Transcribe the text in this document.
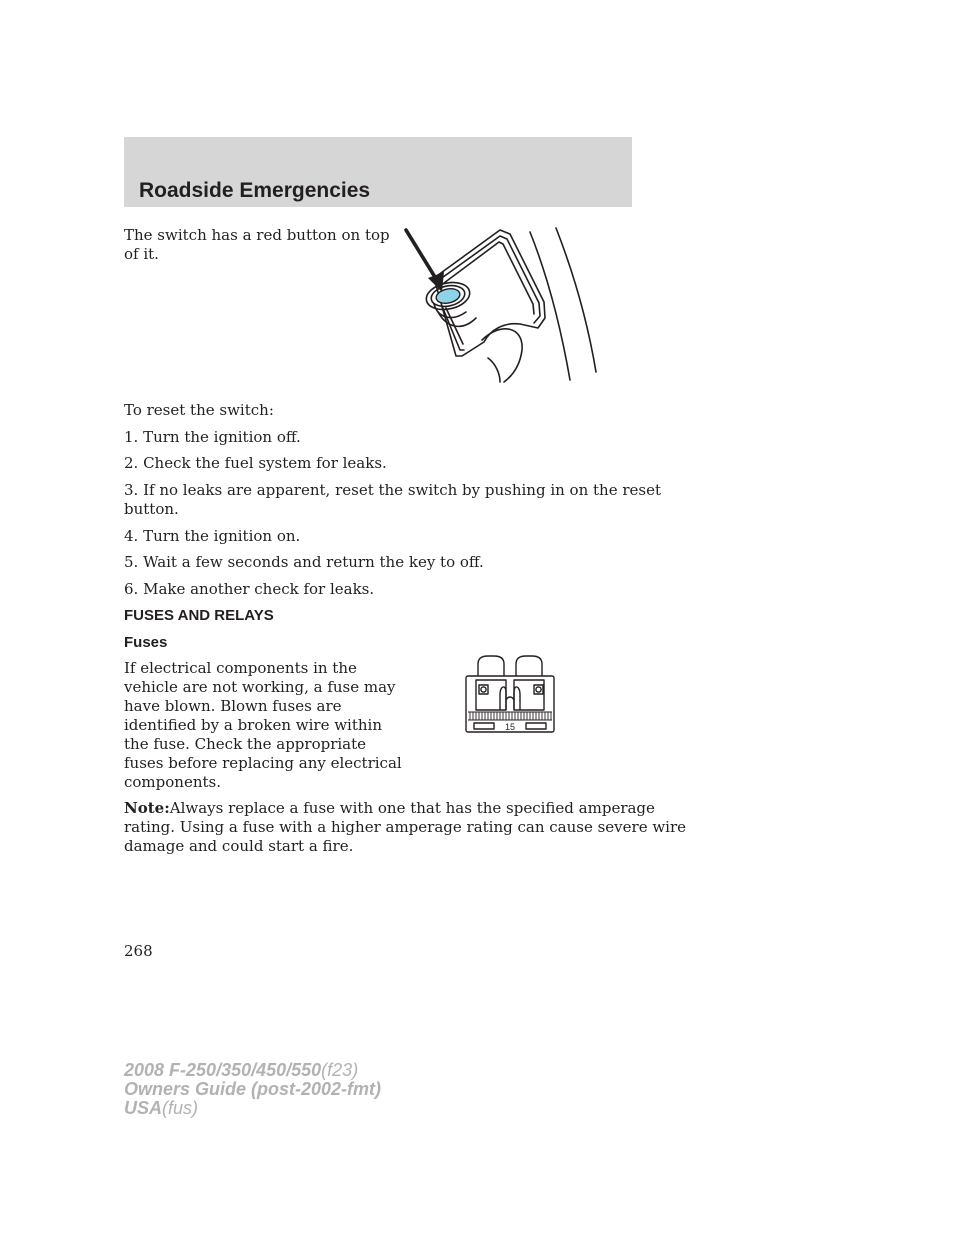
Roadside Emergencies

The switch has a red button on top

of it.

To reset the switch:

1. Turn the ignition off.

2. Check the fuel system for leaks.

3. If no leaks are apparent, reset the switch by pushing in on the reset

button.

4. Turn the ignition on.

5. Wait a few seconds and return the key to off.

6. Make another check for leaks.

FUSES AND RELAYS
Fuses

If electrical components in the

vehicle are not working, a fuse may

have blown. Blown fuses are

identified by a broken wire within

the fuse. Check the appropriate

fuses before replacing any electrical

components.

15

Note:Always replace a fuse with one that has the specified amperage

rating. Using a fuse with a higher amperage rating can cause severe wire

damage and could start a fire.

268

2008 F-250/350/450/550(f23)
Owners Guide (post-2002-fmt)
USA(fus)
